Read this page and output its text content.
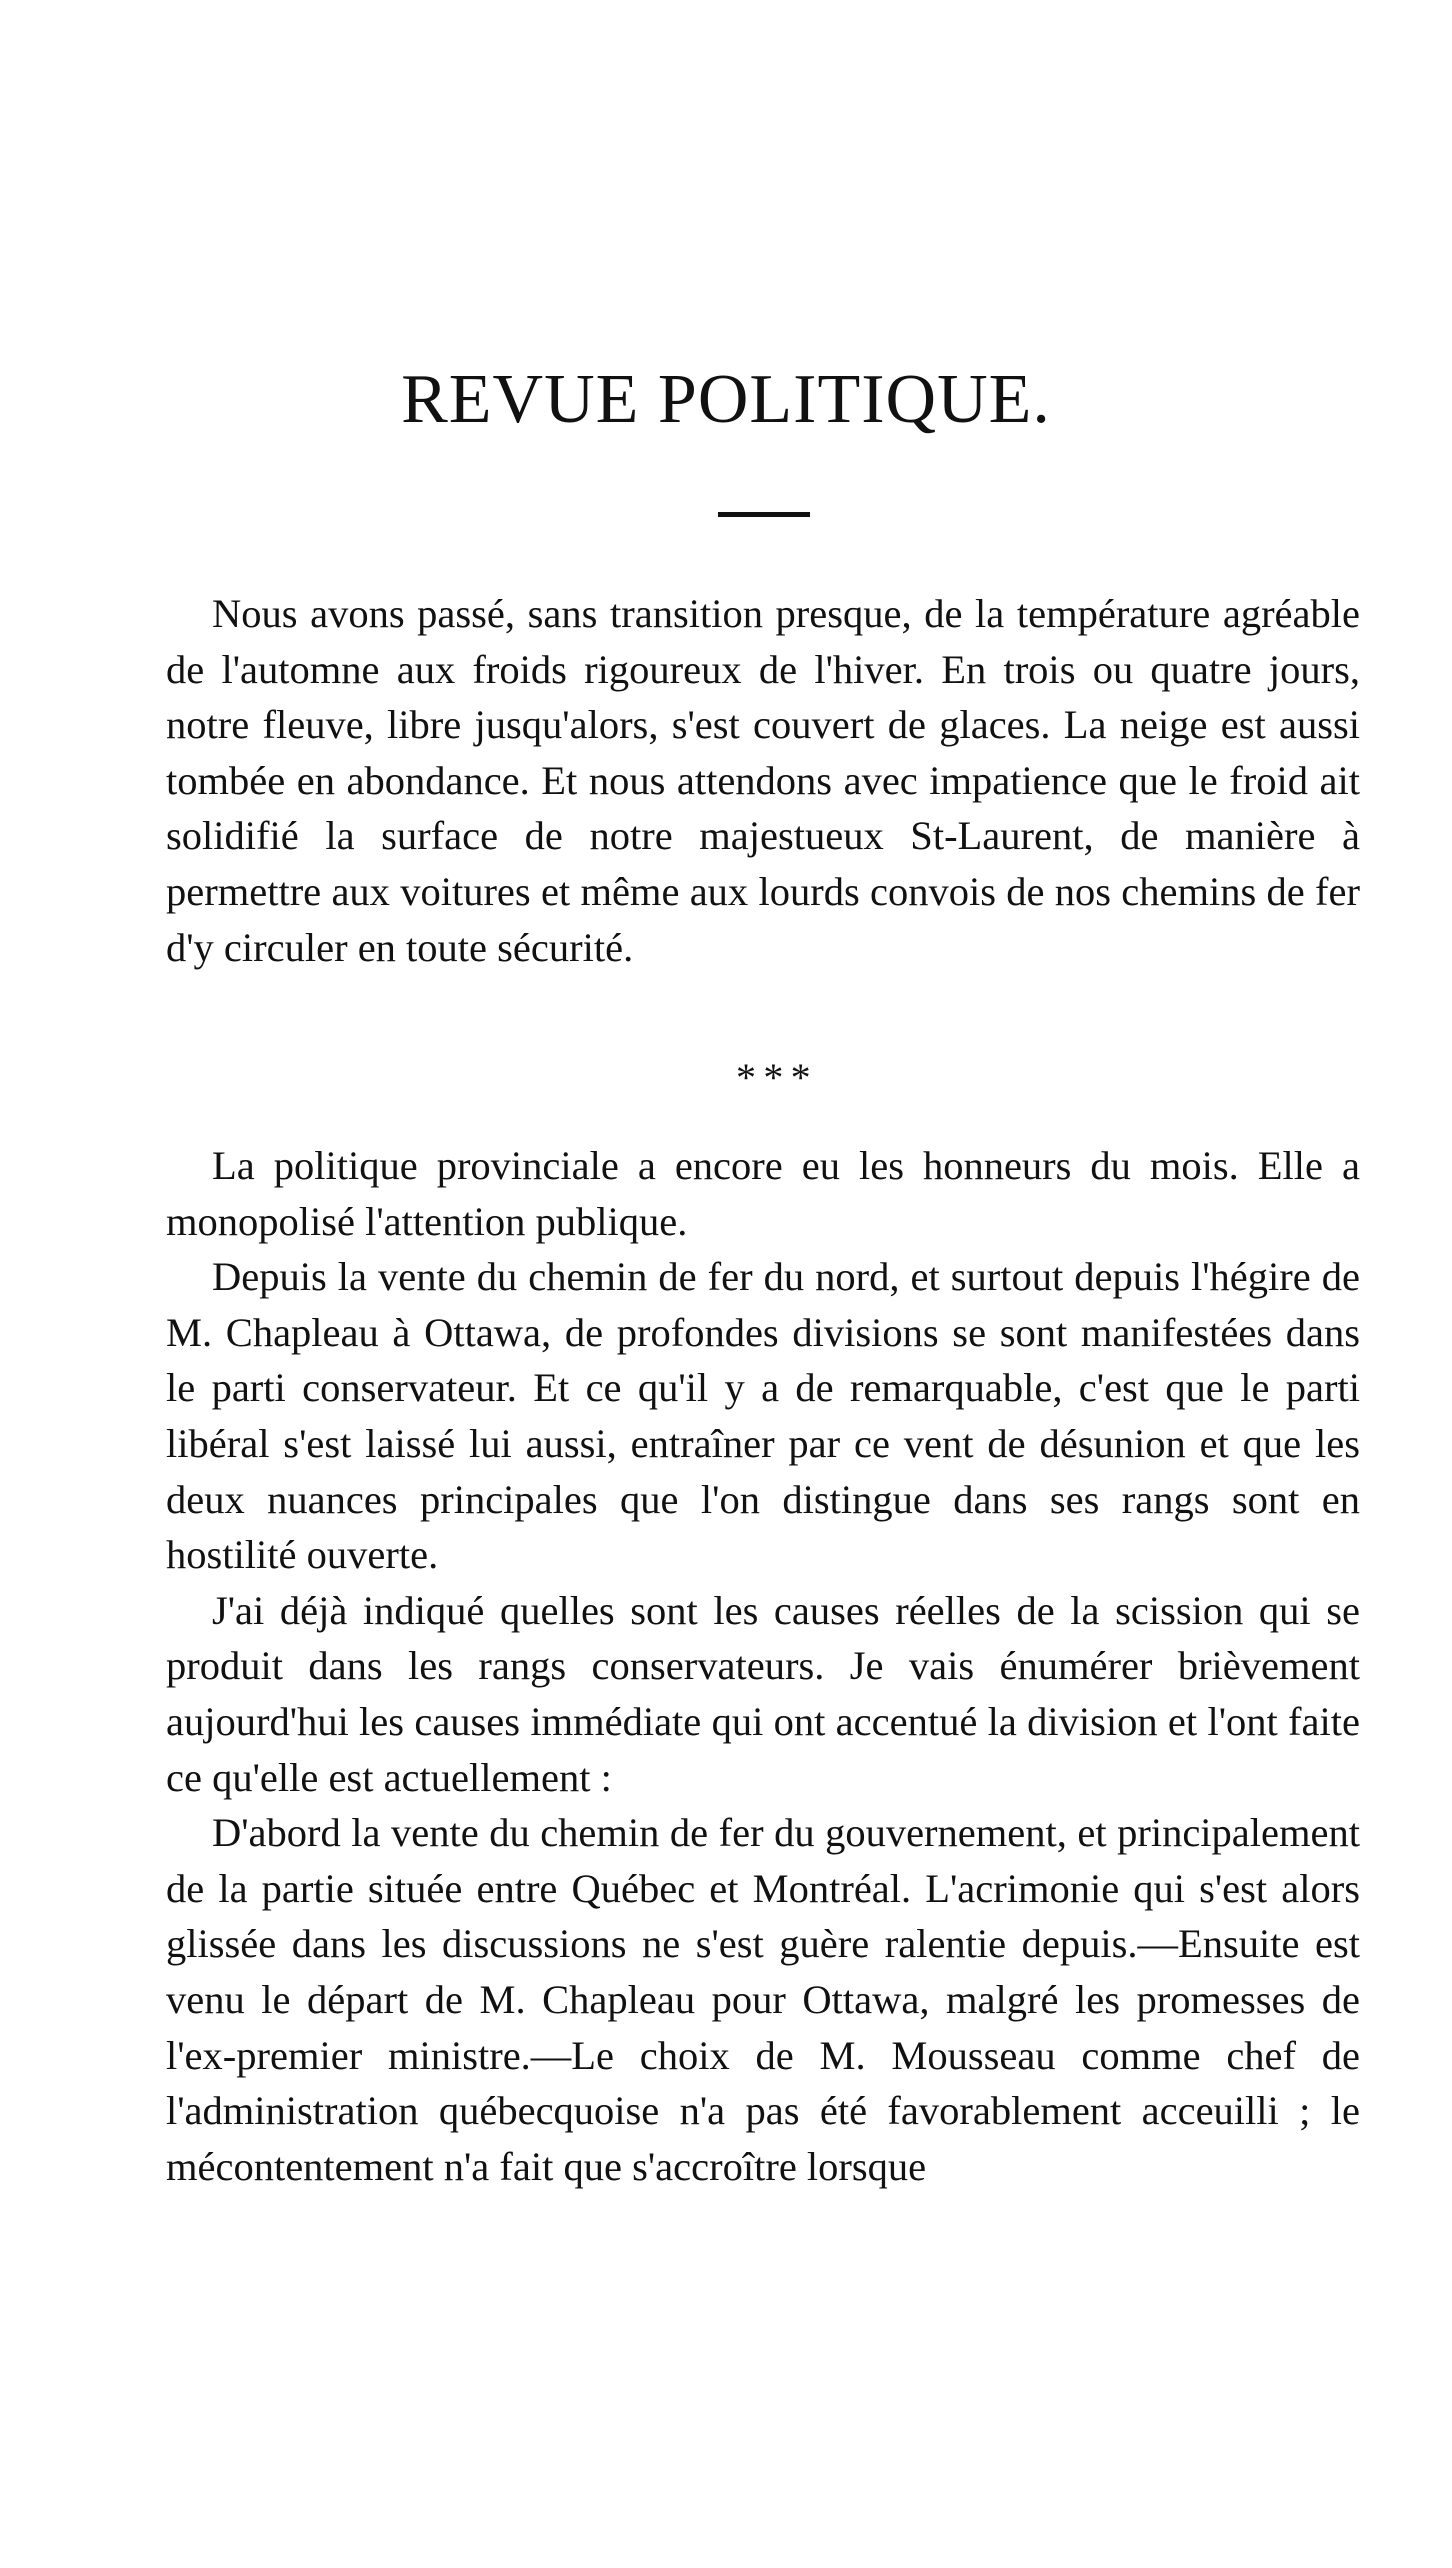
REVUE POLITIQUE.

Nous avons passé, sans transition presque, de la température agréable de l'automne aux froids rigoureux de l'hiver. En trois ou quatre jours, notre fleuve, libre jusqu'alors, s'est couvert de glaces. La neige est aussi tombée en abondance. Et nous attendons avec impatience que le froid ait solidifié la surface de notre majestueux St-Laurent, de manière à permettre aux voitures et même aux lourds convois de nos chemins de fer d'y circuler en toute sécurité.

* * *

La politique provinciale a encore eu les honneurs du mois. Elle a monopolisé l'attention publique.

Depuis la vente du chemin de fer du nord, et surtout depuis l'hégire de M. Chapleau à Ottawa, de profondes divisions se sont manifestées dans le parti conservateur. Et ce qu'il y a de remarquable, c'est que le parti libéral s'est laissé lui aussi, entraîner par ce vent de désunion et que les deux nuances principales que l'on distingue dans ses rangs sont en hostilité ouverte.

J'ai déjà indiqué quelles sont les causes réelles de la scission qui se produit dans les rangs conservateurs. Je vais énumérer brièvement aujourd'hui les causes immédiate qui ont accentué la division et l'ont faite ce qu'elle est actuellement :

D'abord la vente du chemin de fer du gouvernement, et principalement de la partie située entre Québec et Montréal. L'acrimonie qui s'est alors glissée dans les discussions ne s'est guère ralentie depuis.—Ensuite est venu le départ de M. Chapleau pour Ottawa, malgré les promesses de l'ex-premier ministre.—Le choix de M. Mousseau comme chef de l'administration québecquoise n'a pas été favorablement acceuilli ; le mécontentement n'a fait que s'accroître lorsque
